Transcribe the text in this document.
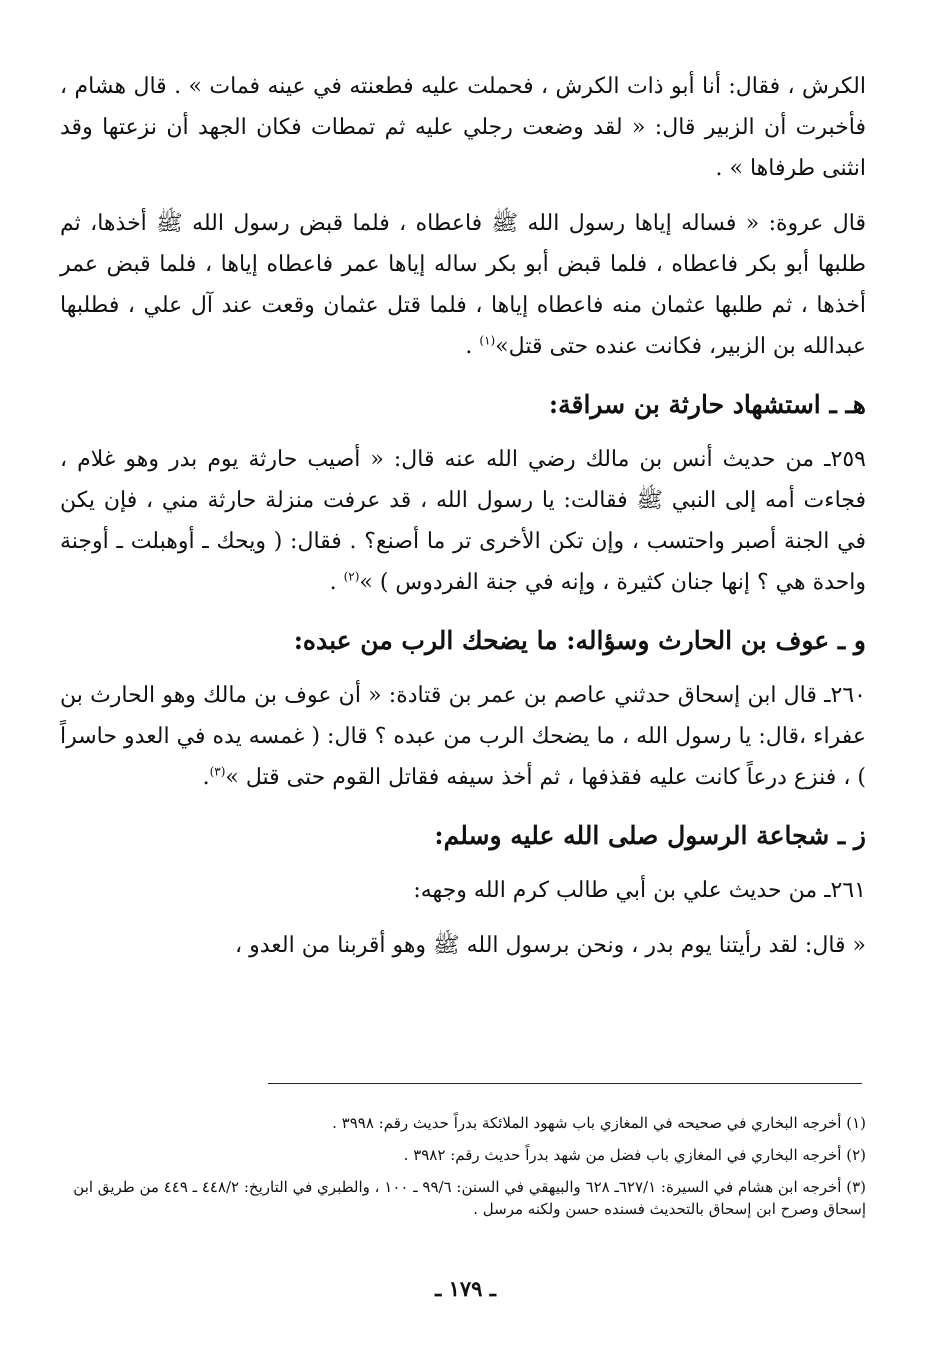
الكرش ، فقال: أنا أبو ذات الكرش ، فحملت عليه فطعنته في عينه فمات » . قال هشام ، فأخبرت أن الزبير قال: « لقد وضعت رجلي عليه ثم تمطات فكان الجهد أن نزعتها وقد انثنى طرفاها » .

قال عروة: « فساله إياها رسول الله ﷺ فاعطاه ، فلما قبض رسول الله ﷺ أخذها، ثم طلبها أبو بكر فاعطاه ، فلما قبض أبو بكر ساله إياها عمر فاعطاه إياها ، فلما قبض عمر أخذها ، ثم طلبها عثمان منه فاعطاه إياها ، فلما قتل عثمان وقعت عند آل علي ، فطلبها عبدالله بن الزبير، فكانت عنده حتى قتل»$^{(١)}$ .

هـ ـ استشهاد حارثة بن سراقة:

٢٥٩ـ من حديث أنس بن مالك رضي الله عنه قال: « أصيب حارثة يوم بدر وهو غلام ، فجاءت أمه إلى النبي ﷺ فقالت: يا رسول الله ، قد عرفت منزلة حارثة مني ، فإن يكن في الجنة أصبر واحتسب ، وإن تكن الأخرى تر ما أصنع؟ . فقال: ( ويحك ـ أوهبلت ـ أوجنة واحدة هي ؟ إنها جنان كثيرة ، وإنه في جنة الفردوس ) »$^{(٢)}$ .

و ـ عوف بن الحارث وسؤاله: ما يضحك الرب من عبده:

٢٦٠ـ قال ابن إسحاق حدثني عاصم بن عمر بن قتادة: « أن عوف بن مالك وهو الحارث بن عفراء ،قال: يا رسول الله ، ما يضحك الرب من عبده ؟ قال: ( غمسه يده في العدو حاسراً ) ، فنزع درعاً كانت عليه فقذفها ، ثم أخذ سيفه فقاتل القوم حتى قتل »$^{(٣)}$.

ز ـ شجاعة الرسول صلى الله عليه وسلم:

٢٦١ـ من حديث علي بن أبي طالب كرم الله وجهه:

« قال: لقد رأيتنا يوم بدر ، ونحن برسول الله ﷺ وهو أقربنا من العدو ،

(١) أخرجه البخاري في صحيحه في المغازي باب شهود الملائكة بدراً حديث رقم: ٣٩٩٨ .

(٢) أخرجه البخاري في المغازي باب فضل من شهد بدراً حديث رقم: ٣٩٨٢ .

(٣) أخرجه ابن هشام في السيرة: ٦٢٧/١ـ ٦٢٨ والبيهقي في السنن: ٩٩/٦ ـ ١٠٠ ، والطبري في التاريخ: ٤٤٨/٢ ـ ٤٤٩ من طريق ابن إسحاق وصرح ابن إسحاق بالتحديث فسنده حسن ولكنه مرسل .

ـ ١٧٩ ـ
